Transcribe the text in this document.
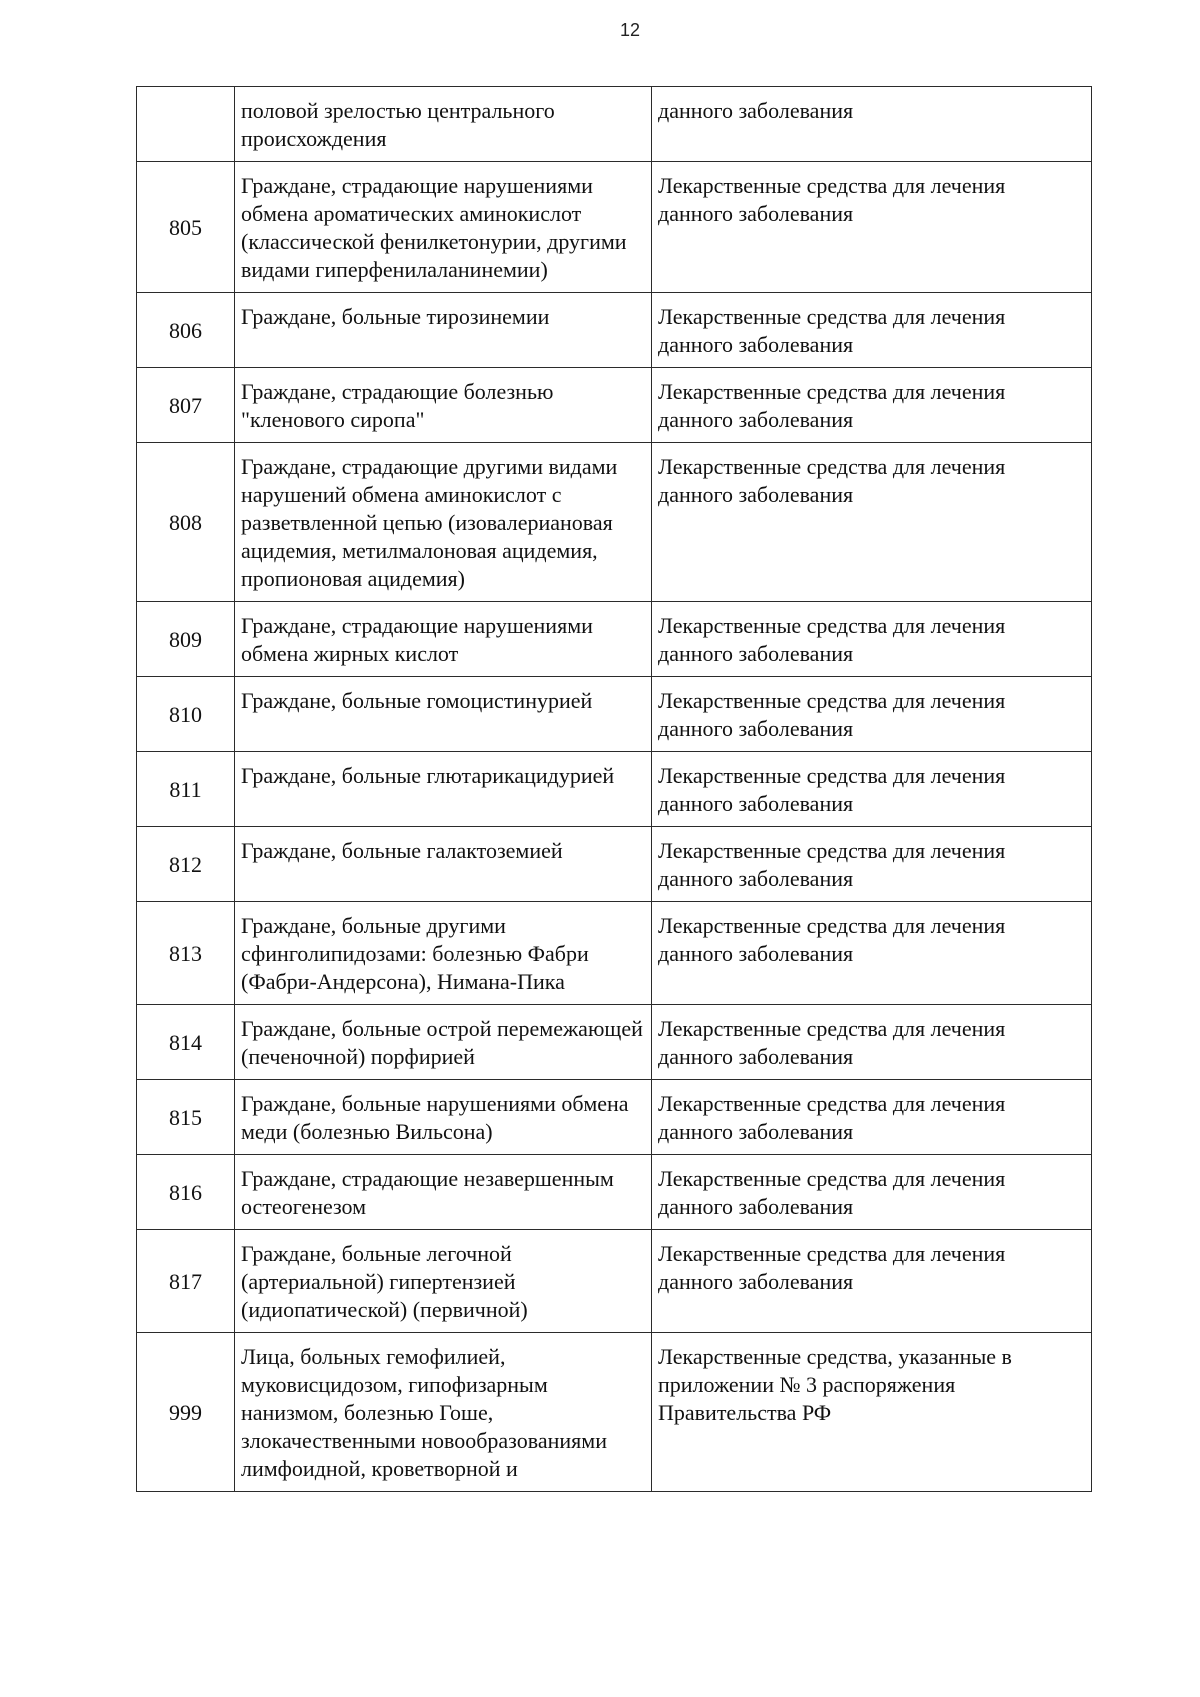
12
	половой зрелостью центрального происхождения	данного заболевания
805	Граждане, страдающие нарушениями обмена ароматических аминокислот (классической фенилкетонурии, другими видами гиперфенилаланинемии)	Лекарственные средства для лечения данного заболевания
806	Граждане, больные тирозинемии	Лекарственные средства для лечения данного заболевания
807	Граждане, страдающие болезнью "кленового сиропа"	Лекарственные средства для лечения данного заболевания
808	Граждане, страдающие другими видами нарушений обмена аминокислот с разветвленной цепью (изовалериановая ацидемия, метилмалоновая ацидемия, пропионовая ацидемия)	Лекарственные средства для лечения данного заболевания
809	Граждане, страдающие нарушениями обмена жирных кислот	Лекарственные средства для лечения данного заболевания
810	Граждане, больные гомоцистинурией	Лекарственные средства для лечения данного заболевания
811	Граждане, больные глютарикацидурией	Лекарственные средства для лечения данного заболевания
812	Граждане, больные галактоземией	Лекарственные средства для лечения данного заболевания
813	Граждане, больные другими сфинголипидозами: болезнью Фабри (Фабри-Андерсона), Нимана-Пика	Лекарственные средства для лечения данного заболевания
814	Граждане, больные острой перемежающей (печеночной) порфирией	Лекарственные средства для лечения данного заболевания
815	Граждане, больные нарушениями обмена меди (болезнью Вильсона)	Лекарственные средства для лечения данного заболевания
816	Граждане, страдающие незавершенным остеогенезом	Лекарственные средства для лечения данного заболевания
817	Граждане, больные легочной (артериальной) гипертензией (идиопатической) (первичной)	Лекарственные средства для лечения данного заболевания
999	Лица, больных гемофилией, муковисцидозом, гипофизарным нанизмом, болезнью Гоше, злокачественными новообразованиями лимфоидной, кроветворной и	Лекарственные средства, указанные в приложении № 3 распоряжения Правительства РФ
